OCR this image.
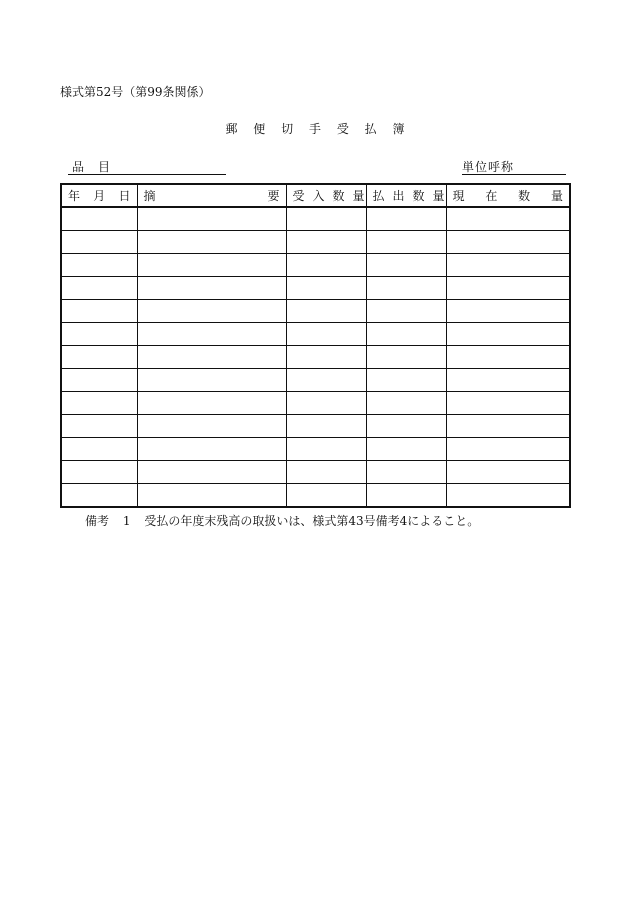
様式第52号（第99条関係）
郵 便 切 手 受 払 簿
品目	単位呼称
年 月 日	摘 要	受 入 数 量	払 出 数 量	現 在 数 量

備考 1 受払の年度末残高の取扱いは、様式第43号備考4によること。
